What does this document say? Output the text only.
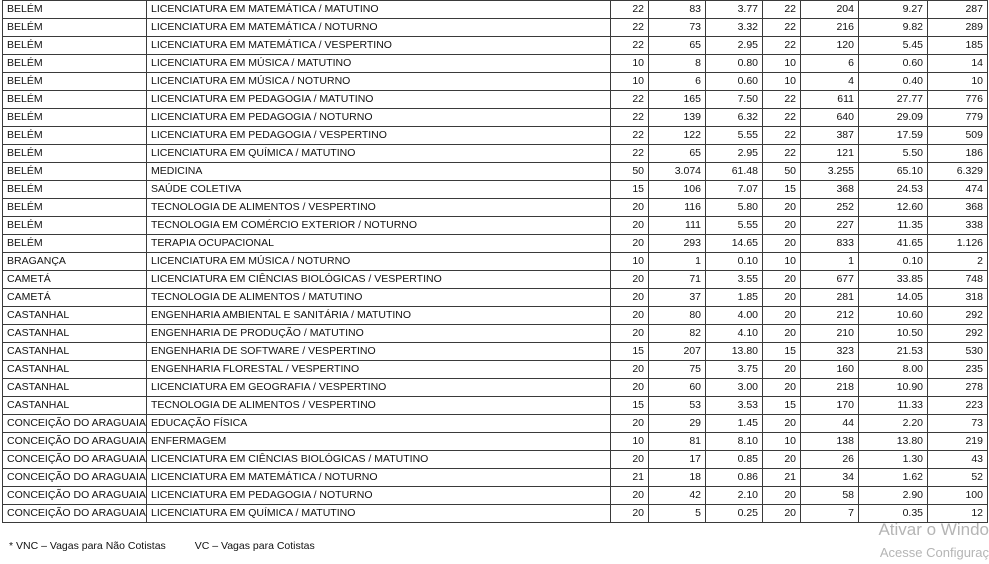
BELÉM	LICENCIATURA EM MATEMÁTICA / MATUTINO	22	83	3.77	22	204	9.27	287
BELÉM	LICENCIATURA EM MATEMÁTICA / NOTURNO	22	73	3.32	22	216	9.82	289
BELÉM	LICENCIATURA EM MATEMÁTICA / VESPERTINO	22	65	2.95	22	120	5.45	185
BELÉM	LICENCIATURA EM MÚSICA / MATUTINO	10	8	0.80	10	6	0.60	14
BELÉM	LICENCIATURA EM MÚSICA / NOTURNO	10	6	0.60	10	4	0.40	10
BELÉM	LICENCIATURA EM PEDAGOGIA / MATUTINO	22	165	7.50	22	611	27.77	776
BELÉM	LICENCIATURA EM PEDAGOGIA / NOTURNO	22	139	6.32	22	640	29.09	779
BELÉM	LICENCIATURA EM PEDAGOGIA / VESPERTINO	22	122	5.55	22	387	17.59	509
BELÉM	LICENCIATURA EM QUÍMICA / MATUTINO	22	65	2.95	22	121	5.50	186
BELÉM	MEDICINA	50	3.074	61.48	50	3.255	65.10	6.329
BELÉM	SAÚDE COLETIVA	15	106	7.07	15	368	24.53	474
BELÉM	TECNOLOGIA DE ALIMENTOS / VESPERTINO	20	116	5.80	20	252	12.60	368
BELÉM	TECNOLOGIA EM COMÉRCIO EXTERIOR / NOTURNO	20	111	5.55	20	227	11.35	338
BELÉM	TERAPIA OCUPACIONAL	20	293	14.65	20	833	41.65	1.126
BRAGANÇA	LICENCIATURA EM MÚSICA / NOTURNO	10	1	0.10	10	1	0.10	2
CAMETÁ	LICENCIATURA EM CIÊNCIAS BIOLÓGICAS / VESPERTINO	20	71	3.55	20	677	33.85	748
CAMETÁ	TECNOLOGIA DE ALIMENTOS / MATUTINO	20	37	1.85	20	281	14.05	318
CASTANHAL	ENGENHARIA AMBIENTAL E SANITÁRIA / MATUTINO	20	80	4.00	20	212	10.60	292
CASTANHAL	ENGENHARIA DE PRODUÇÃO / MATUTINO	20	82	4.10	20	210	10.50	292
CASTANHAL	ENGENHARIA DE SOFTWARE / VESPERTINO	15	207	13.80	15	323	21.53	530
CASTANHAL	ENGENHARIA FLORESTAL / VESPERTINO	20	75	3.75	20	160	8.00	235
CASTANHAL	LICENCIATURA EM GEOGRAFIA / VESPERTINO	20	60	3.00	20	218	10.90	278
CASTANHAL	TECNOLOGIA DE ALIMENTOS / VESPERTINO	15	53	3.53	15	170	11.33	223
CONCEIÇÃO DO ARAGUAIA	EDUCAÇÃO FÍSICA	20	29	1.45	20	44	2.20	73
CONCEIÇÃO DO ARAGUAIA	ENFERMAGEM	10	81	8.10	10	138	13.80	219
CONCEIÇÃO DO ARAGUAIA	LICENCIATURA EM CIÊNCIAS BIOLÓGICAS / MATUTINO	20	17	0.85	20	26	1.30	43
CONCEIÇÃO DO ARAGUAIA	LICENCIATURA EM MATEMÁTICA / NOTURNO	21	18	0.86	21	34	1.62	52
CONCEIÇÃO DO ARAGUAIA	LICENCIATURA EM PEDAGOGIA / NOTURNO	20	42	2.10	20	58	2.90	100
CONCEIÇÃO DO ARAGUAIA	LICENCIATURA EM QUÍMICA / MATUTINO	20	5	0.25	20	7	0.35	12
* VNC – Vagas para Não Cotistas	VC – Vagas para Cotistas
Ativar o Windo
Acesse Configuraç
